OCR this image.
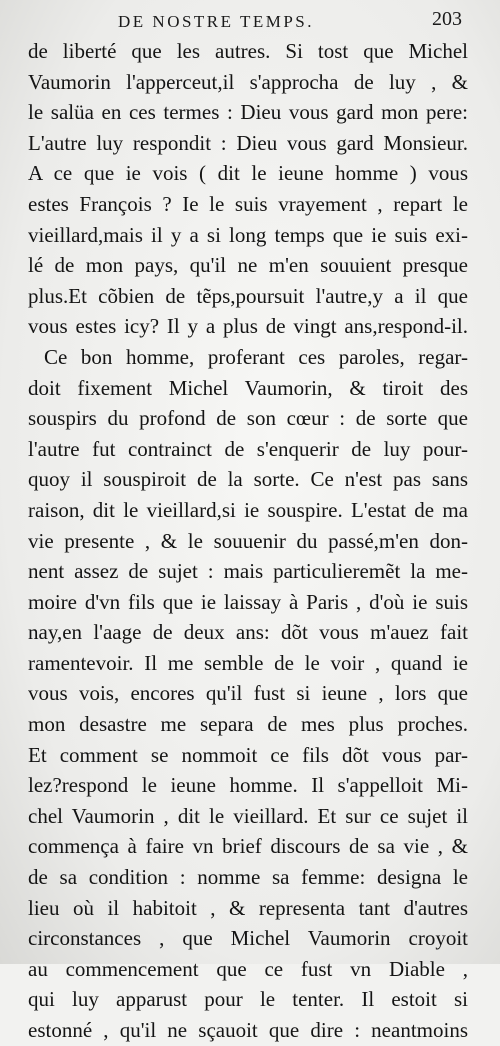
DE NOSTRE TEMPS.	203
de liberté que les autres. Si tost que Michel
Vaumorin l'apperceut,il s'approcha de luy , &
le salüa en ces termes : Dieu vous gard mon pere:
L'autre luy respondit : Dieu vous gard Monsieur.
A ce que ie vois ( dit le ieune homme ) vous
estes François ? Ie le suis vrayement , repart le
vieillard,mais il y a si long temps que ie suis exi-
lé de mon pays, qu'il ne m'en souuient presque
plus.Et cõbien de tẽps,poursuit l'autre,y a il que
vous estes icy? Il y a plus de vingt ans,respond-il.
Ce bon homme, proferant ces paroles, regar-
doit fixement Michel Vaumorin, & tiroit des
souspirs du profond de son cœur : de sorte que
l'autre fut contrainct de s'enquerir de luy pour-
quoy il souspiroit de la sorte. Ce n'est pas sans
raison, dit le vieillard,si ie souspire. L'estat de ma
vie presente , & le souuenir du passé,m'en don-
nent assez de sujet : mais particulieremẽt la me-
moire d'vn fils que ie laissay à Paris , d'où ie suis
nay,en l'aage de deux ans: dõt vous m'auez fait
ramentevoir. Il me semble de le voir , quand ie
vous vois, encores qu'il fust si ieune , lors que
mon desastre me separa de mes plus proches.
Et comment se nommoit ce fils dõt vous par-
lez?respond le ieune homme. Il s'appelloit Mi-
chel Vaumorin , dit le vieillard. Et sur ce sujet il
commença à faire vn brief discours de sa vie , &
de sa condition : nomme sa femme: designa le
lieu où il habitoit , & representa tant d'autres
circonstances , que Michel Vaumorin croyoit
au commencement que ce fust vn Diable ,
qui luy apparust pour le tenter. Il estoit si
estonné , qu'il ne sçauoit que dire : neantmoins
